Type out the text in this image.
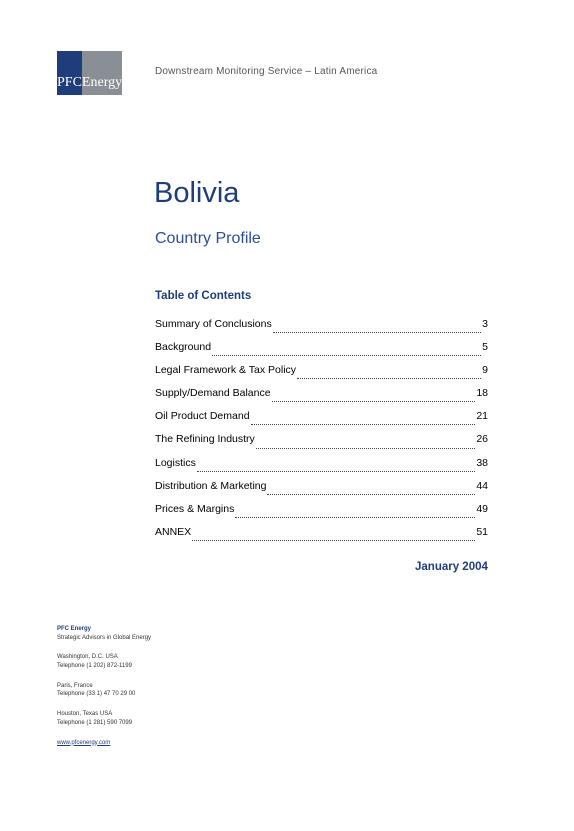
PFC Energy
Downstream Monitoring Service – Latin America
Bolivia
Country Profile
Table of Contents
Summary of Conclusions	3
Background	5
Legal Framework & Tax Policy	9
Supply/Demand Balance	18
Oil Product Demand	21
The Refining Industry	26
Logistics	38
Distribution & Marketing	44
Prices & Margins	49
ANNEX	51
January 2004
PFC Energy
Strategic Advisors in Global Energy
Washington, D.C. USA
Telephone (1 202) 872-1199
Paris, France
Telephone (33 1) 47 70 29 00
Houston, Texas USA
Telephone (1 281) 590 7099
www.pfcenergy.com
